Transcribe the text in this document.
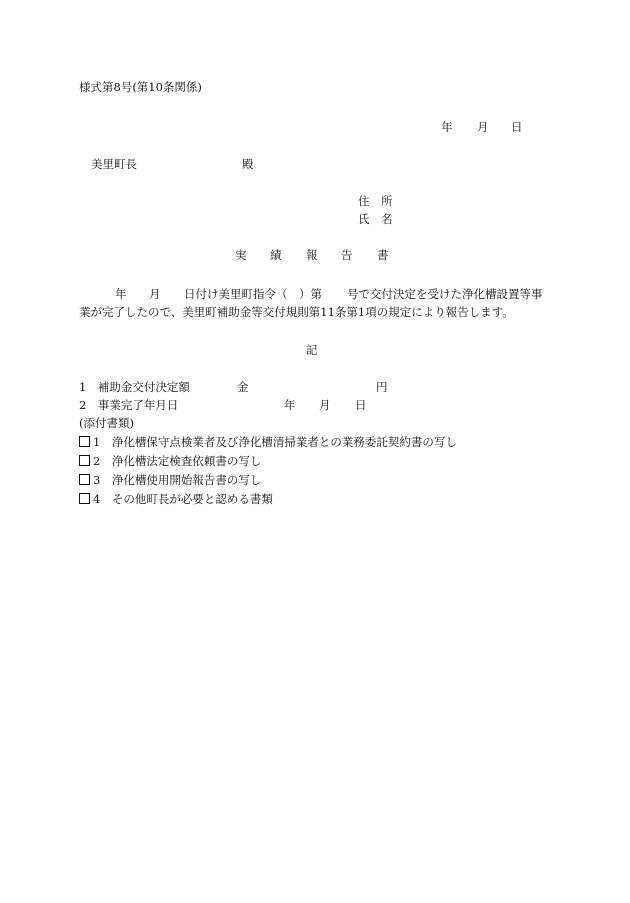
様式第8号(第10条関係)
年 月 日
美里町長	殿
住　所
氏　名
実 績 報 告 書
年 月 日付け美里町指令（　）第 号で交付決定を受けた浄化槽設置等事
業が完了したので、美里町補助金等交付規則第11条第1項の規定により報告します。
記
1　補助金交付決定額	金	円
2　事業完了年月日	年 月 日
(添付書類)
1　浄化槽保守点検業者及び浄化槽清掃業者との業務委託契約書の写し
2　浄化槽法定検査依頼書の写し
3　浄化槽使用開始報告書の写し
4　その他町長が必要と認める書類
